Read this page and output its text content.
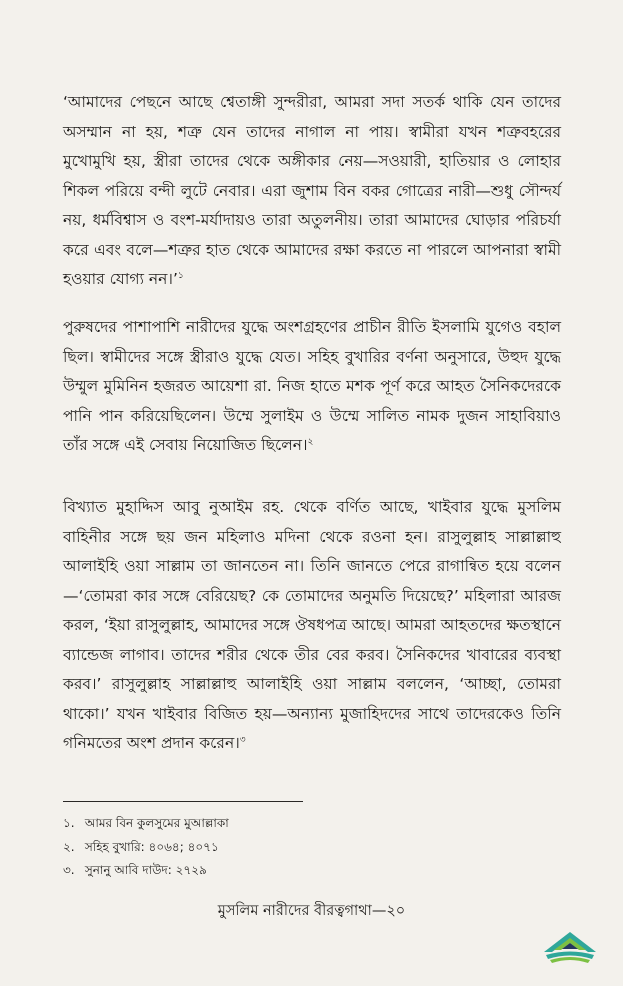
‘আমাদের পেছনে আছে শ্বেতাঙ্গী সুন্দরীরা, আমরা সদা সতর্ক থাকি যেন তাদের অসম্মান না হয়, শত্রু যেন তাদের নাগাল না পায়। স্বামীরা যখন শত্রুবহরের মুখোমুখি হয়, স্ত্রীরা তাদের থেকে অঙ্গীকার নেয়—সওয়ারী, হাতিয়ার ও লোহার শিকল পরিয়ে বন্দী লুটে নেবার। এরা জুশাম বিন বকর গোত্রের নারী—শুধু সৌন্দর্য নয়, ধর্মবিশ্বাস ও বংশ-মর্যাদায়ও তারা অতুলনীয়। তারা আমাদের ঘোড়ার পরিচর্যা করে এবং বলে—শত্রুর হাত থেকে আমাদের রক্ষা করতে না পারলে আপনারা স্বামী হওয়ার যোগ্য নন।’$^১$

পুরুষদের পাশাপাশি নারীদের যুদ্ধে অংশগ্রহণের প্রাচীন রীতি ইসলামি যুগেও বহাল ছিল। স্বামীদের সঙ্গে স্ত্রীরাও যুদ্ধে যেত। সহিহ বুখারির বর্ণনা অনুসারে, উহুদ যুদ্ধে উম্মুল মুমিনিন হজরত আয়েশা রা. নিজ হাতে মশক পূর্ণ করে আহত সৈনিকদেরকে পানি পান করিয়েছিলেন। উম্মে সুলাইম ও উম্মে সালিত নামক দুজন সাহাবিয়াও তাঁর সঙ্গে এই সেবায় নিয়োজিত ছিলেন।$^২$

বিখ্যাত মুহাদ্দিস আবু নুআইম রহ. থেকে বর্ণিত আছে, খাইবার যুদ্ধে মুসলিম বাহিনীর সঙ্গে ছয় জন মহিলাও মদিনা থেকে রওনা হন। রাসুলুল্লাহ সাল্লাল্লাহু আলাইহি ওয়া সাল্লাম তা জানতেন না। তিনি জানতে পেরে রাগান্বিত হয়ে বলেন—‘তোমরা কার সঙ্গে বেরিয়েছ? কে তোমাদের অনুমতি দিয়েছে?’ মহিলারা আরজ করল, ‘ইয়া রাসুলুল্লাহ, আমাদের সঙ্গে ঔষধপত্র আছে। আমরা আহতদের ক্ষতস্থানে ব্যান্ডেজ লাগাব। তাদের শরীর থেকে তীর বের করব। সৈনিকদের খাবারের ব্যবস্থা করব।’ রাসুলুল্লাহ সাল্লাল্লাহু আলাইহি ওয়া সাল্লাম বললেন, ‘আচ্ছা, তোমরা থাকো।’ যখন খাইবার বিজিত হয়—অন্যান্য মুজাহিদদের সাথে তাদেরকেও তিনি গনিমতের অংশ প্রদান করেন।$^৩$

১. আমর বিন কুলসুমের মুআল্লাকা
২. সহিহ বুখারি: ৪০৬৪; ৪০৭১
৩. সুনানু আবি দাউদ: ২৭২৯
মুসলিম নারীদের বীরত্বগাথা—২০
